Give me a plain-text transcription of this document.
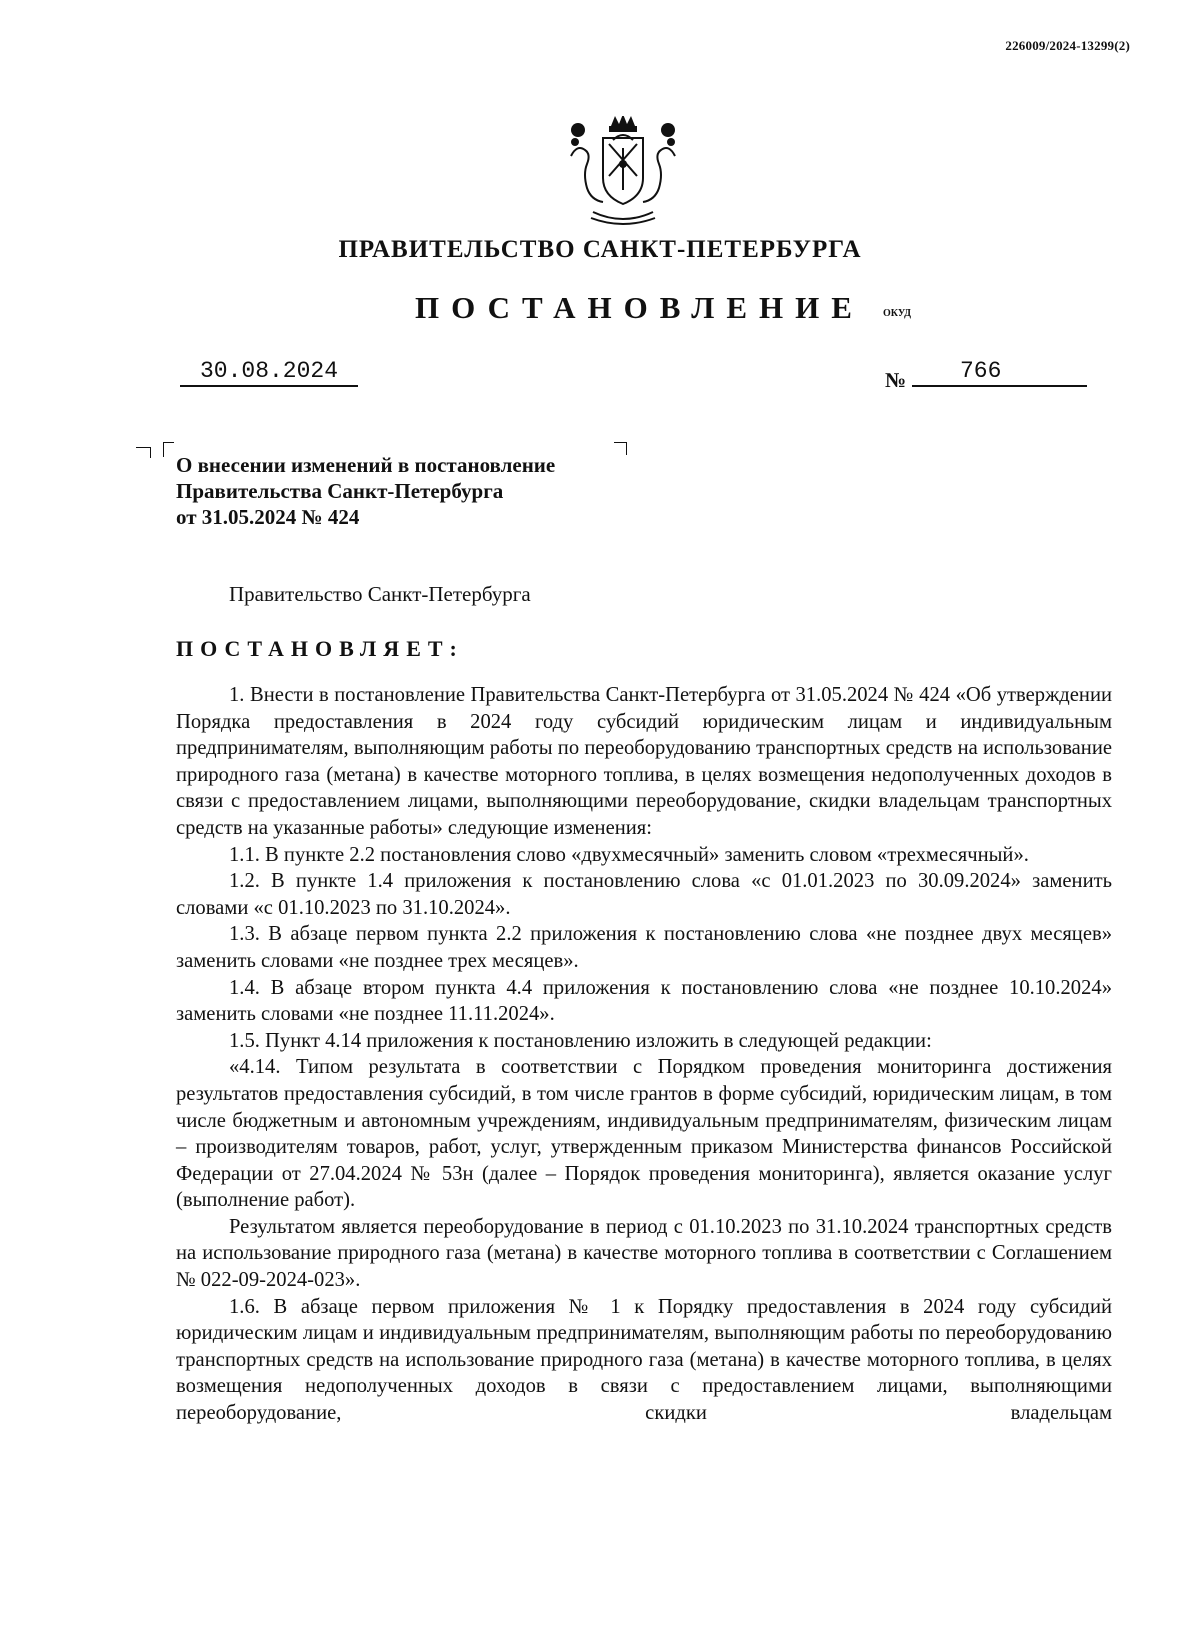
226009/2024-13299(2)
ПРАВИТЕЛЬСТВО САНКТ-ПЕТЕРБУРГА
ПОСТАНОВЛЕНИЕ ОКУД
30.08.2024	№	766
О внесении изменений в постановление
Правительства Санкт-Петербурга
от 31.05.2024 № 424
Правительство Санкт-Петербурга
ПОСТАНОВЛЯЕТ:

1. Внести в постановление Правительства Санкт-Петербурга от 31.05.2024 № 424 «Об утверждении Порядка предоставления в 2024 году субсидий юридическим лицам и индивидуальным предпринимателям, выполняющим работы по переоборудованию транспортных средств на использование природного газа (метана) в качестве моторного топлива, в целях возмещения недополученных доходов в связи с предоставлением лицами, выполняющими переоборудование, скидки владельцам транспортных средств на указанные работы» следующие изменения:

1.1. В пункте 2.2 постановления слово «двухмесячный» заменить словом «трехмесячный».

1.2. В пункте 1.4 приложения к постановлению слова «с 01.01.2023 по 30.09.2024» заменить словами «с 01.10.2023 по 31.10.2024».

1.3. В абзаце первом пункта 2.2 приложения к постановлению слова «не позднее двух месяцев» заменить словами «не позднее трех месяцев».

1.4. В абзаце втором пункта 4.4 приложения к постановлению слова «не позднее 10.10.2024» заменить словами «не позднее 11.11.2024».

1.5. Пункт 4.14 приложения к постановлению изложить в следующей редакции:

«4.14. Типом результата в соответствии с Порядком проведения мониторинга достижения результатов предоставления субсидий, в том числе грантов в форме субсидий, юридическим лицам, в том числе бюджетным и автономным учреждениям, индивидуальным предпринимателям, физическим лицам – производителям товаров, работ, услуг, утвержденным приказом Министерства финансов Российской Федерации от 27.04.2024 № 53н (далее – Порядок проведения мониторинга), является оказание услуг (выполнение работ).

Результатом является переоборудование в период с 01.10.2023 по 31.10.2024 транспортных средств на использование природного газа (метана) в качестве моторного топлива в соответствии с Соглашением № 022-09-2024-023».

1.6. В абзаце первом приложения № 1 к Порядку предоставления в 2024 году субсидий юридическим лицам и индивидуальным предпринимателям, выполняющим работы по переоборудованию транспортных средств на использование природного газа (метана) в качестве моторного топлива, в целях возмещения недополученных доходов в связи с предоставлением лицами, выполняющими переоборудование, скидки владельцам
